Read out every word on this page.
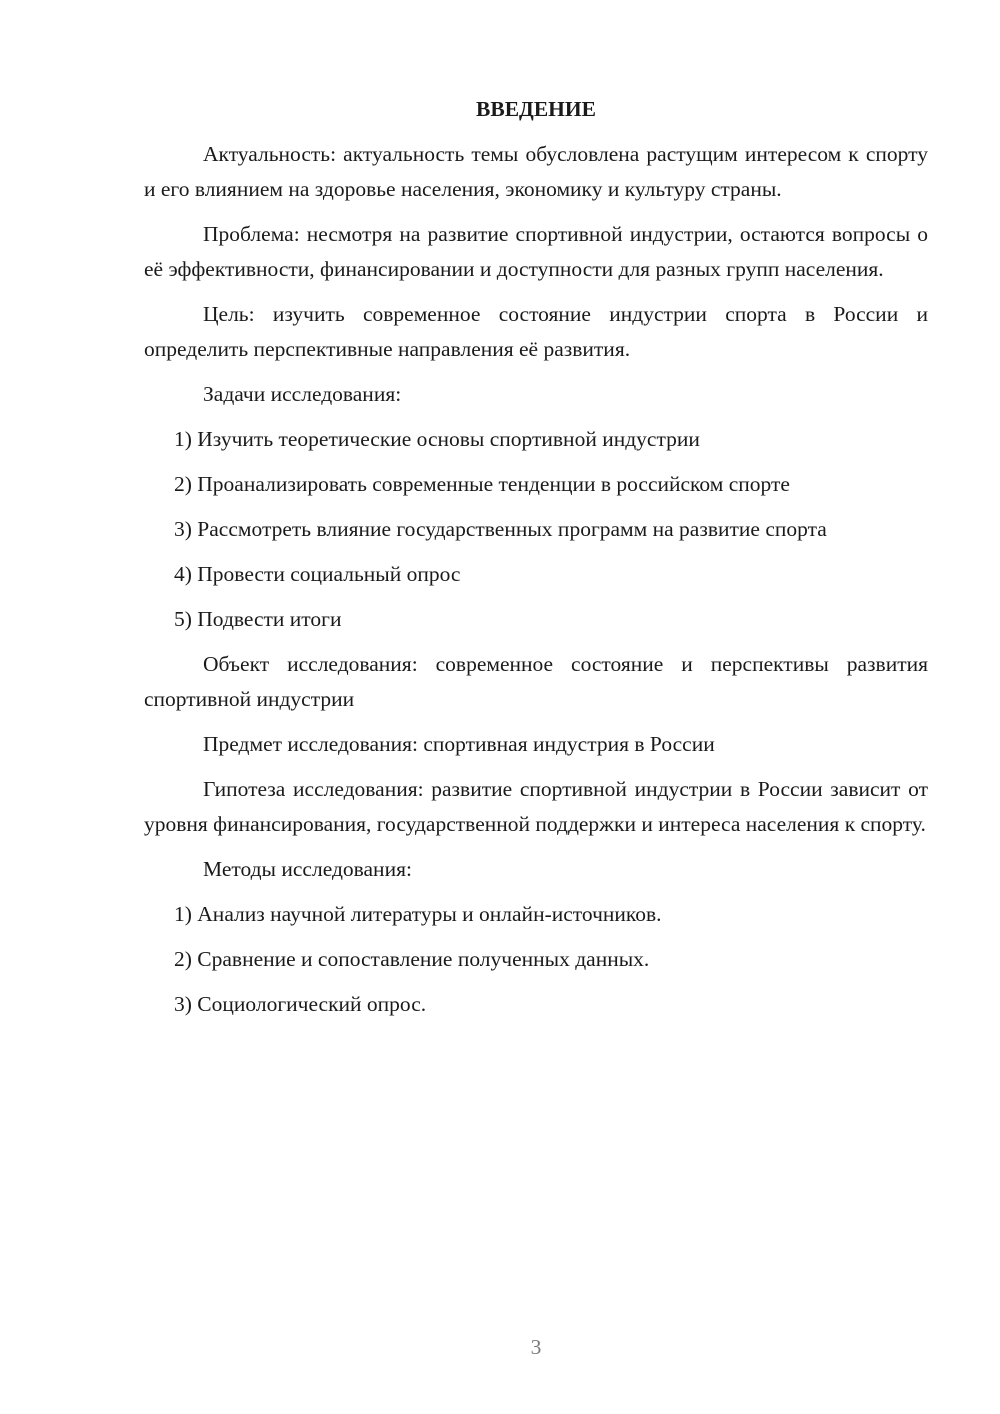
ВВЕДЕНИЕ

Актуальность: актуальность темы обусловлена растущим интересом к спорту и его влиянием на здоровье населения, экономику и культуру страны.

Проблема: несмотря на развитие спортивной индустрии, остаются вопросы о её эффективности, финансировании и доступности для разных групп населения.

Цель: изучить современное состояние индустрии спорта в России и определить перспективные направления её развития.

Задачи исследования:

1) Изучить теоретические основы спортивной индустрии

2) Проанализировать современные тенденции в российском спорте

3) Рассмотреть влияние государственных программ на развитие спорта

4) Провести социальный опрос

5) Подвести итоги

Объект исследования: современное состояние и перспективы развития спортивной индустрии

Предмет исследования: спортивная индустрия в России

Гипотеза исследования: развитие спортивной индустрии в России зависит от уровня финансирования, государственной поддержки и интереса населения к спорту.

Методы исследования:

1) Анализ научной литературы и онлайн-источников.

2) Сравнение и сопоставление полученных данных.

3) Социологический опрос.

3
